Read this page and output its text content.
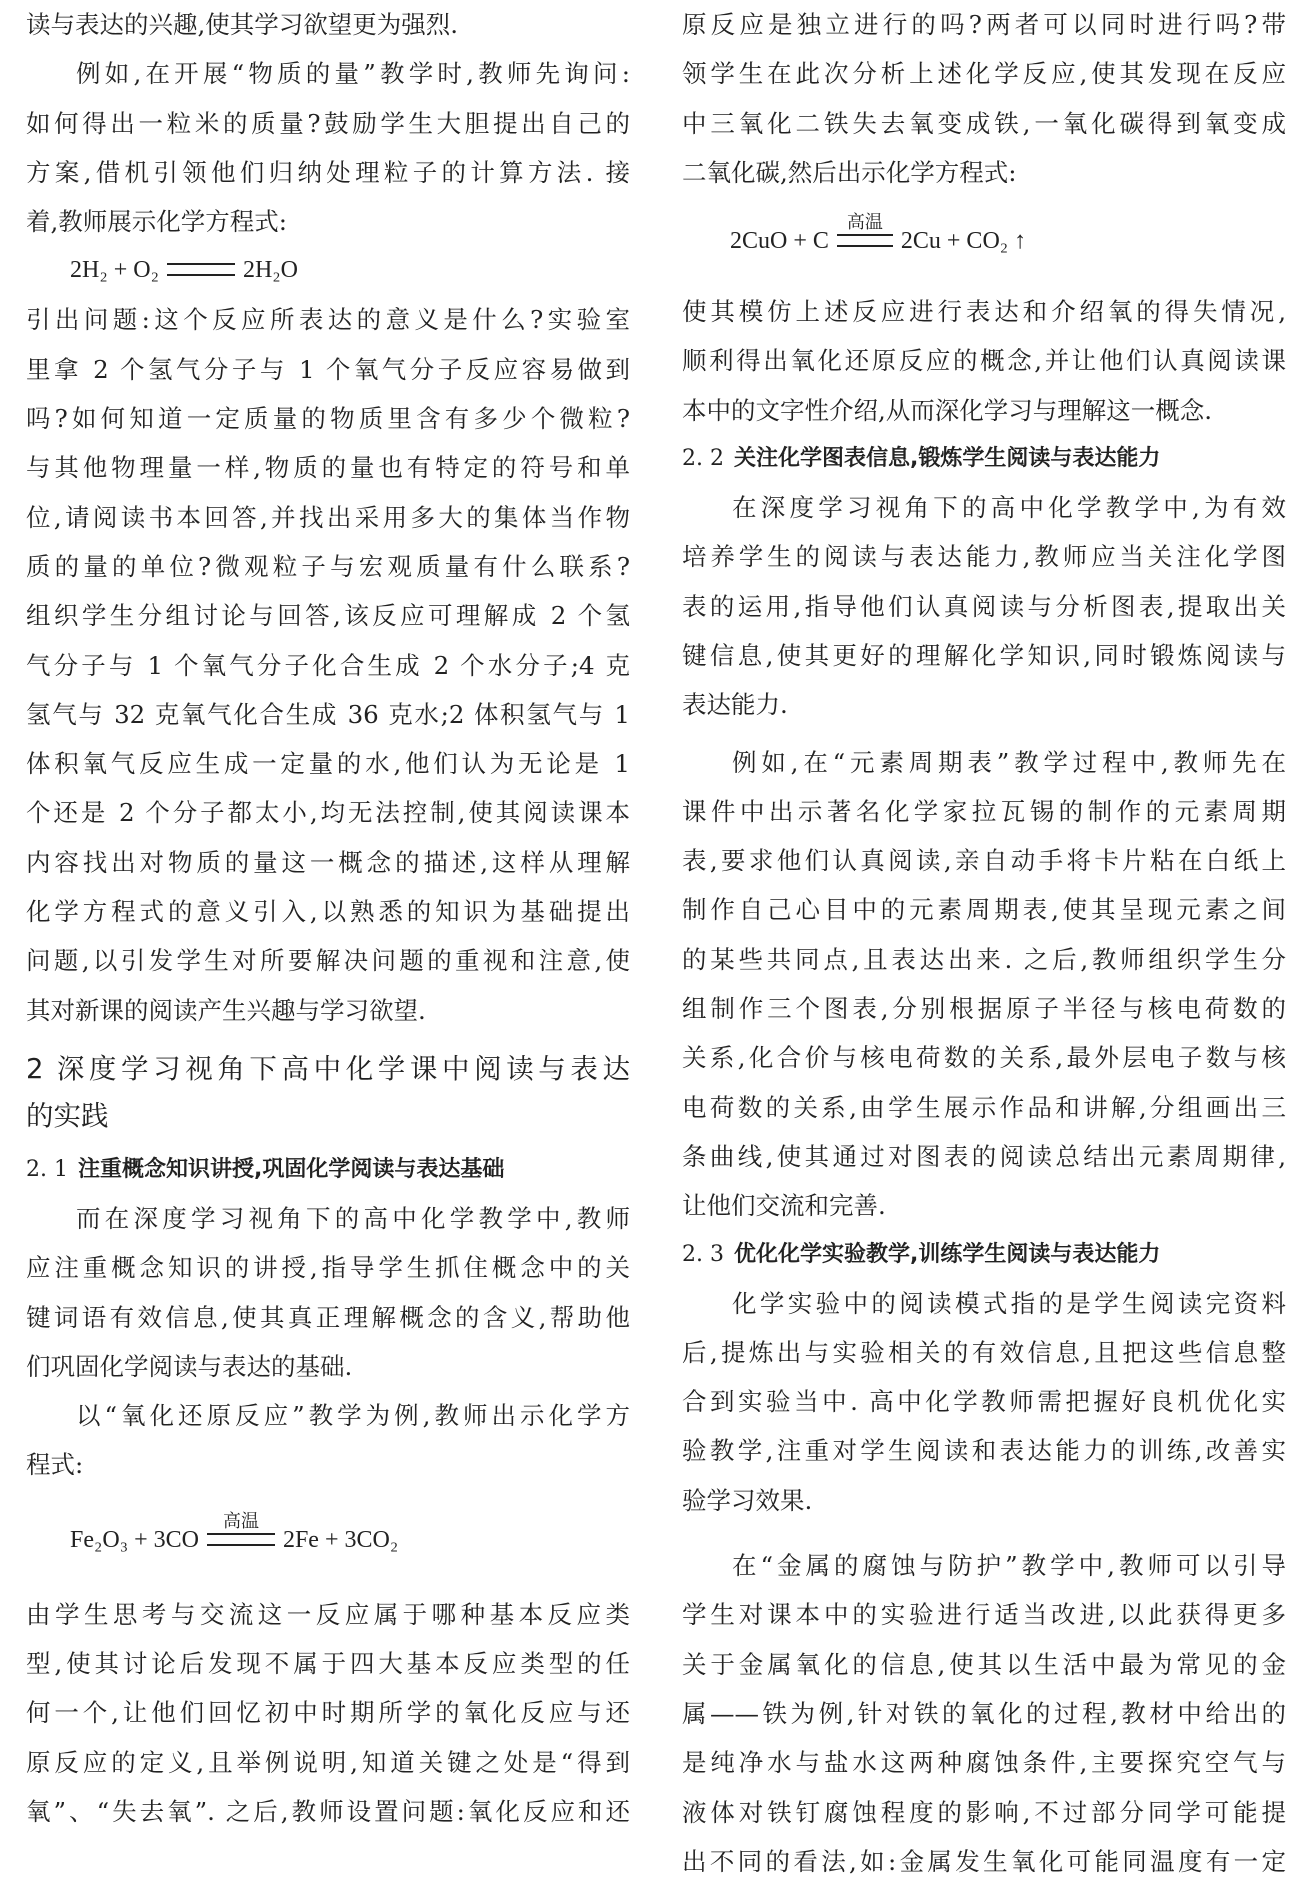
读与表达的兴趣,使其学习欲望更为强烈.
例如,在开展“物质的量”教学时,教师先询问:
如何得出一粒米的质量?鼓励学生大胆提出自己的
方案,借机引领他们归纳处理粒子的计算方法. 接
着,教师展示化学方程式:
2H₂ + O₂	2H₂O
引出问题:这个反应所表达的意义是什么?实验室
里拿 2 个氢气分子与 1 个氧气分子反应容易做到
吗?如何知道一定质量的物质里含有多少个微粒?
与其他物理量一样,物质的量也有特定的符号和单
位,请阅读书本回答,并找出采用多大的集体当作物
质的量的单位?微观粒子与宏观质量有什么联系?
组织学生分组讨论与回答,该反应可理解成 2 个氢
气分子与 1 个氧气分子化合生成 2 个水分子;4 克
氢气与 32 克氧气化合生成 36 克水;2 体积氢气与 1
体积氧气反应生成一定量的水,他们认为无论是 1
个还是 2 个分子都太小,均无法控制,使其阅读课本
内容找出对物质的量这一概念的描述,这样从理解
化学方程式的意义引入,以熟悉的知识为基础提出
问题,以引发学生对所要解决问题的重视和注意,使
其对新课的阅读产生兴趣与学习欲望.
2 深度学习视角下高中化学课中阅读与表达
的实践
2. 1 注重概念知识讲授,巩固化学阅读与表达基础
而在深度学习视角下的高中化学教学中,教师
应注重概念知识的讲授,指导学生抓住概念中的关
键词语有效信息,使其真正理解概念的含义,帮助他
们巩固化学阅读与表达的基础.
以“氧化还原反应”教学为例,教师出示化学方
程式:
Fe₂O₃ + 3CO
高温
2Fe + 3CO₂
由学生思考与交流这一反应属于哪种基本反应类
型,使其讨论后发现不属于四大基本反应类型的任
何一个,让他们回忆初中时期所学的氧化反应与还
原反应的定义,且举例说明,知道关键之处是“得到
氧”、“失去氧”. 之后,教师设置问题:氧化反应和还
原反应是独立进行的吗?两者可以同时进行吗?带
领学生在此次分析上述化学反应,使其发现在反应
中三氧化二铁失去氧变成铁,一氧化碳得到氧变成
二氧化碳,然后出示化学方程式:
2CuO + C
高温
2Cu + CO₂ ↑
使其模仿上述反应进行表达和介绍氧的得失情况,
顺利得出氧化还原反应的概念,并让他们认真阅读课
本中的文字性介绍,从而深化学习与理解这一概念.
2. 2 关注化学图表信息,锻炼学生阅读与表达能力
在深度学习视角下的高中化学教学中,为有效
培养学生的阅读与表达能力,教师应当关注化学图
表的运用,指导他们认真阅读与分析图表,提取出关
键信息,使其更好的理解化学知识,同时锻炼阅读与
表达能力.
例如,在“元素周期表”教学过程中,教师先在
课件中出示著名化学家拉瓦锡的制作的元素周期
表,要求他们认真阅读,亲自动手将卡片粘在白纸上
制作自己心目中的元素周期表,使其呈现元素之间
的某些共同点,且表达出来. 之后,教师组织学生分
组制作三个图表,分别根据原子半径与核电荷数的
关系,化合价与核电荷数的关系,最外层电子数与核
电荷数的关系,由学生展示作品和讲解,分组画出三
条曲线,使其通过对图表的阅读总结出元素周期律,
让他们交流和完善.
2. 3 优化化学实验教学,训练学生阅读与表达能力
化学实验中的阅读模式指的是学生阅读完资料
后,提炼出与实验相关的有效信息,且把这些信息整
合到实验当中. 高中化学教师需把握好良机优化实
验教学,注重对学生阅读和表达能力的训练,改善实
验学习效果.
在“金属的腐蚀与防护”教学中,教师可以引导
学生对课本中的实验进行适当改进,以此获得更多
关于金属氧化的信息,使其以生活中最为常见的金
属——铁为例,针对铁的氧化的过程,教材中给出的
是纯净水与盐水这两种腐蚀条件,主要探究空气与
液体对铁钉腐蚀程度的影响,不过部分同学可能提
出不同的看法,如:金属发生氧化可能同温度有一定
